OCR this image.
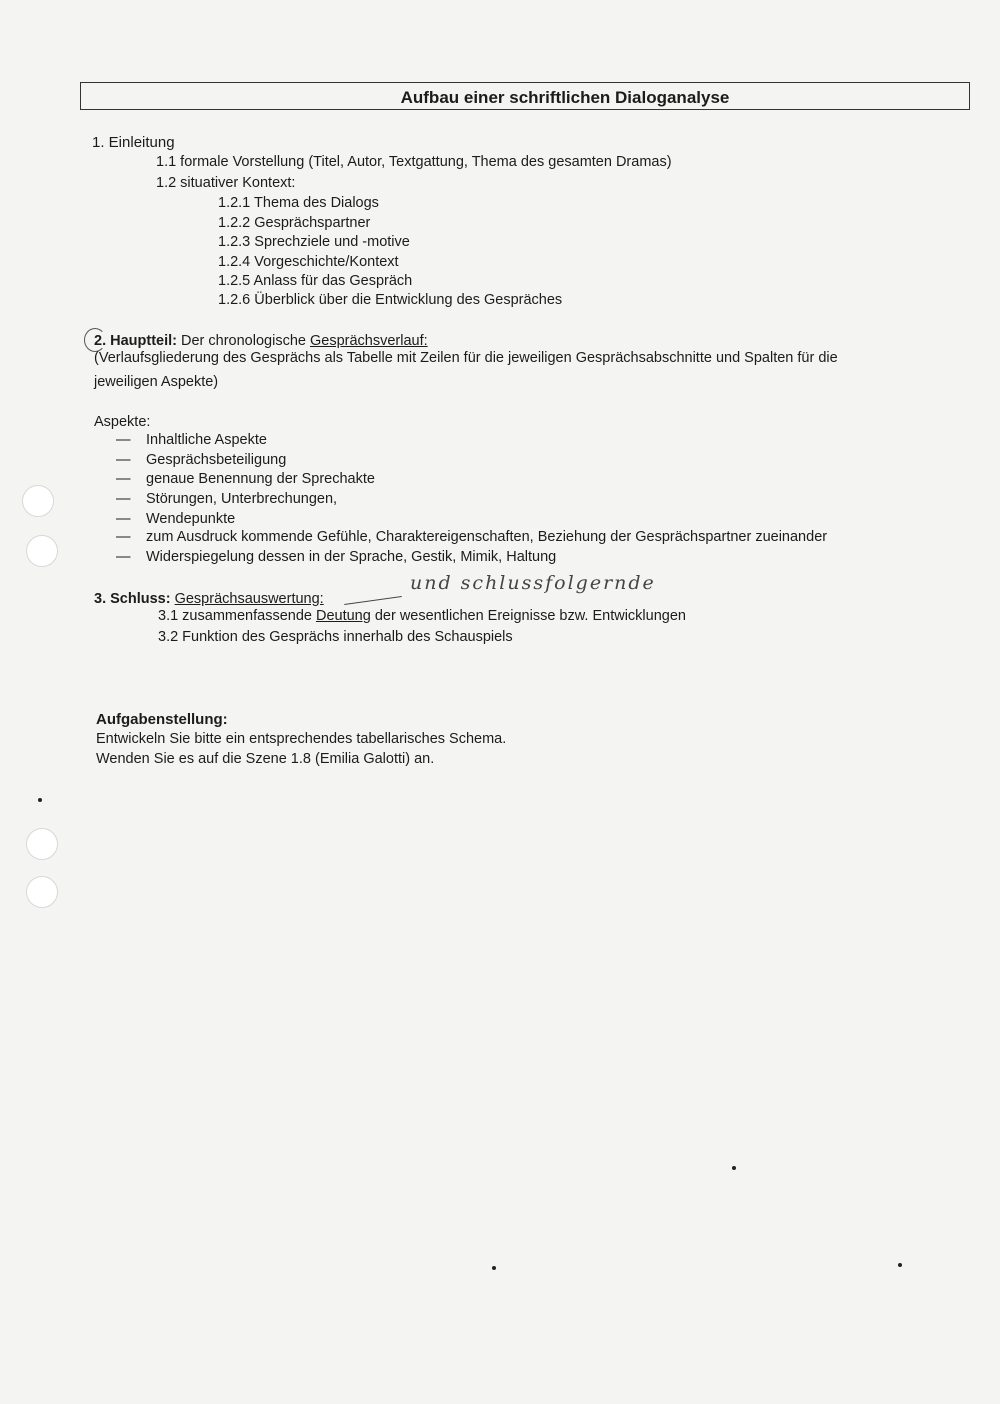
Aufbau einer schriftlichen Dialoganalyse
1. Einleitung
1.1 formale Vorstellung (Titel, Autor, Textgattung, Thema des gesamten Dramas)
1.2 situativer Kontext:
1.2.1 Thema des Dialogs
1.2.2 Gesprächspartner
1.2.3 Sprechziele und -motive
1.2.4 Vorgeschichte/Kontext
1.2.5 Anlass für das Gespräch
1.2.6 Überblick über die Entwicklung des Gespräches
2. Hauptteil: Der chronologische Gesprächsverlauf:
(Verlaufsgliederung des Gesprächs als Tabelle mit Zeilen für die jeweiligen Gesprächsabschnitte und Spalten für die
jeweiligen Aspekte)
Aspekte:
— Inhaltliche Aspekte
— Gesprächsbeteiligung
— genaue Benennung der Sprechakte
— Störungen, Unterbrechungen,
— Wendepunkte
— zum Ausdruck kommende Gefühle, Charaktereigenschaften, Beziehung der Gesprächspartner zueinander
— Widerspiegelung dessen in der Sprache, Gestik, Mimik, Haltung
3. Schluss: Gesprächsauswertung:
und schlussfolgernde
3.1 zusammenfassende Deutung der wesentlichen Ereignisse bzw. Entwicklungen
3.2 Funktion des Gesprächs innerhalb des Schauspiels
Aufgabenstellung:
Entwickeln Sie bitte ein entsprechendes tabellarisches Schema.
Wenden Sie es auf die Szene 1.8 (Emilia Galotti) an.
